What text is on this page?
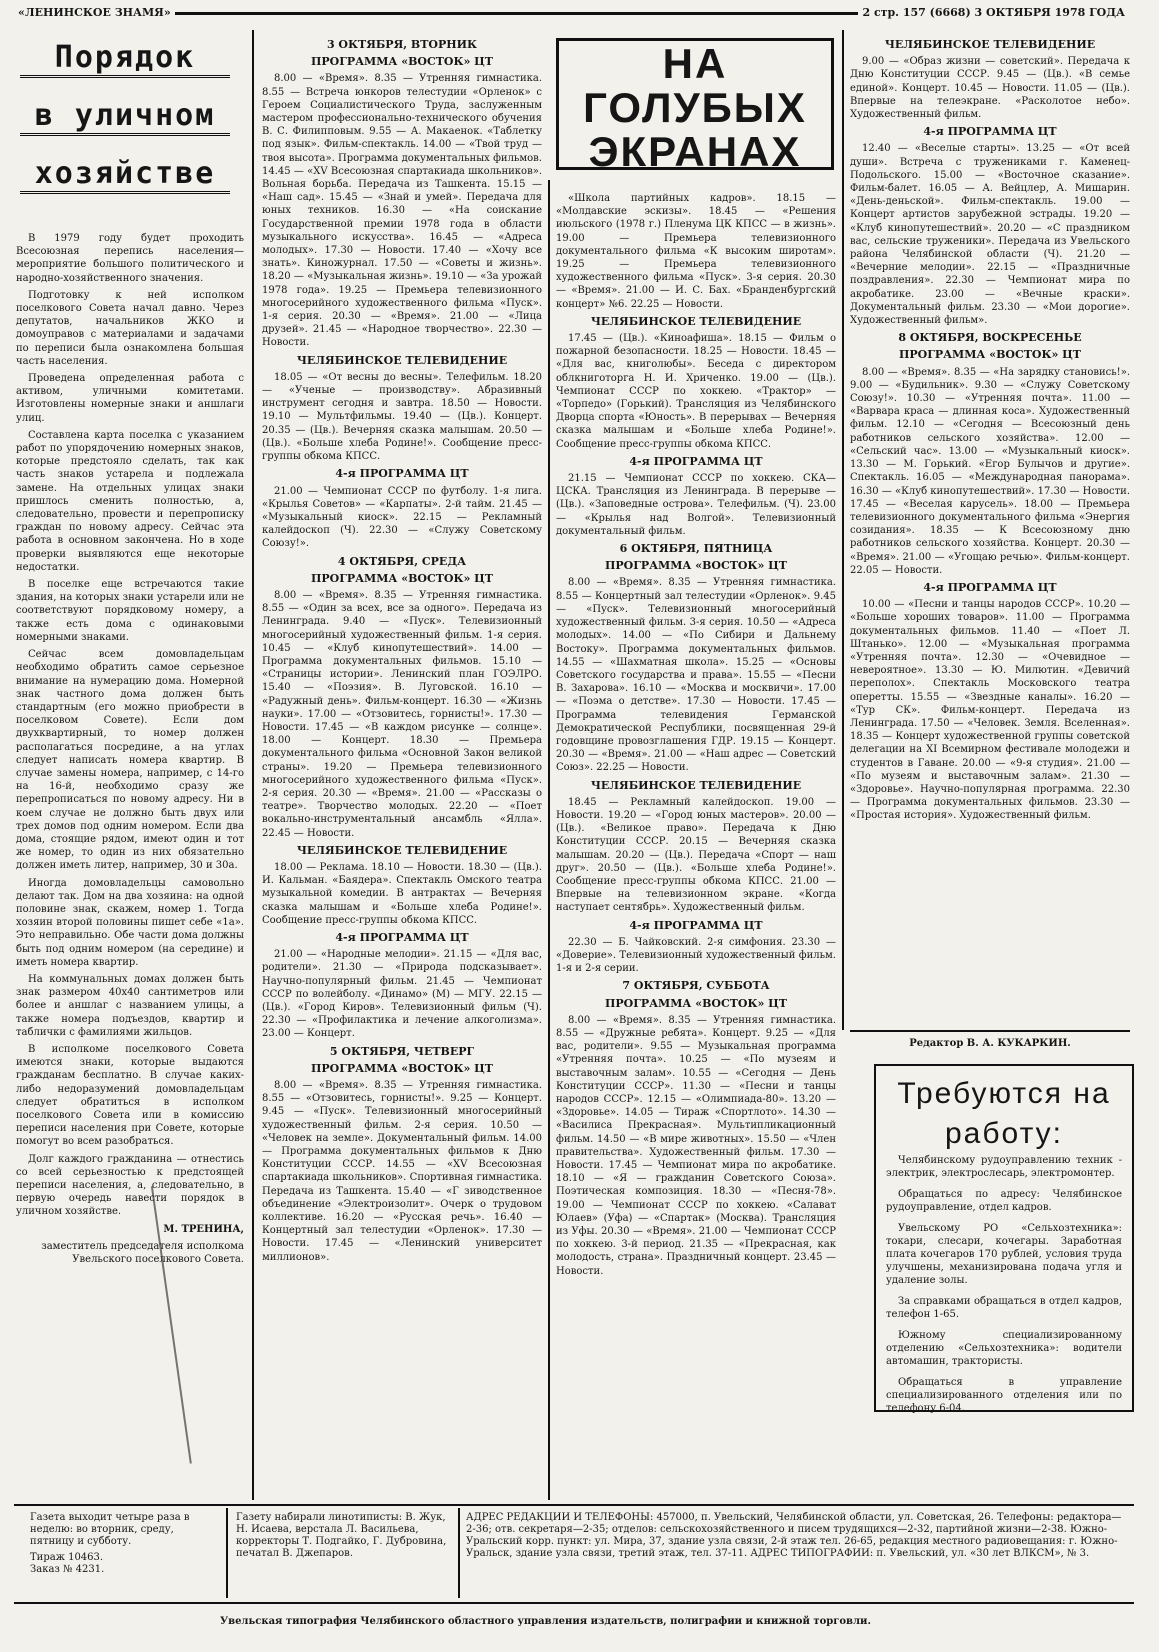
«ЛЕНИНСКОЕ ЗНАМЯ»	2 стр. 157 (6668) 3 ОКТЯБРЯ 1978 ГОДА
Порядок
в уличном
хозяйстве

В 1979 году будет проходить Всесоюзная перепись населения—мероприятие большого политического и народно-хозяйственного значения.

Подготовку к ней исполком поселкового Совета начал давно. Через депутатов, начальников ЖКО и домоуправов с материалами и задачами по переписи была ознакомлена большая часть населения.

Проведена определенная работа с активом, уличными комитетами. Изготовлены номерные знаки и аншлаги улиц.

Составлена карта поселка с указанием работ по упорядочению номерных знаков, которые предстояло сделать, так как часть знаков устарела и подлежала замене. На отдельных улицах знаки пришлось сменить полностью, а, следовательно, провести и перепропиcку граждан по новому адресу. Сейчас эта работа в основном закончена. Но в ходе проверки выявляются еще некоторые недостатки.

В поселке еще встречаются такие здания, на которых знаки устарели или не соответствуют порядковому номеру, а также есть дома с одинаковыми номерными знаками.

Сейчас всем домовладельцам необходимо обратить самое серьезное внимание на нумерацию дома. Номерной знак частного дома должен быть стандартным (его можно приобрести в поселковом Совете). Если дом двухквартирный, то номер должен располагаться посредине, а на углах следует написать номера квартир. В случае замены номера, например, с 14-го на 16-й, необходимо сразу же перепрописаться по новому адресу. Ни в коем случае не должно быть двух или трех домов под одним номером. Если два дома, стоящие рядом, имеют один и тот же номер, то один из них обязательно должен иметь литер, например, 30 и 30а.

Иногда домовладельцы самовольно делают так. Дом на два хозяина: на одной половине знак, скажем, номер 1. Тогда хозяин второй половины пишет себе «1а». Это неправильно. Обе части дома должны быть под одним номером (на середине) и иметь номера квартир.

На коммунальных домах должен быть знак размером 40x40 сантиметров или более и аншлаг с названием улицы, а также номера подъездов, квартир и таблички с фамилиями жильцов.

В исполкоме поселкового Совета имеются знаки, которые выдаются гражданам бесплатно. В случае каких-либо недоразумений домовладельцам следует обратиться в исполком поселкового Совета или в комиссию переписи населения при Совете, которые помогут во всем разобраться.

Долг каждого гражданина — отнестись со всей серьезностью к предстоящей переписи населения, а, следовательно, в первую очередь навести порядок в уличном хозяйстве.

М. ТРЕНИНА,

заместитель председателя исполкома Увельского поселкового Совета.

НА
ГОЛУБЫХ
ЭКРАНАХ

3 ОКТЯБРЯ, ВТОРНИК

ПРОГРАММА «ВОСТОК» ЦТ

8.00 — «Время». 8.35 — Утренняя гимнастика. 8.55 — Встреча юнкоров телестудии «Орленок» с Героем Социалистического Труда, заслуженным мастером профессионально-технического обучения В. С. Филипповым. 9.55 — А. Макаенок. «Таблетку под язык». Фильм-спектакль. 14.00 — «Твой труд — твоя высота». Программа документальных фильмов. 14.45 — «XV Всесоюзная спартакиада школьников». Вольная борьба. Передача из Ташкента. 15.15 — «Наш сад». 15.45 — «Знай и умей». Передача для юных техников. 16.30 — «На соискание Государственной премии 1978 года в области музыкального искусства». 16.45 — «Адреса молодых». 17.30 — Новости. 17.40 — «Хочу все знать». Киножурнал. 17.50 — «Советы и жизнь». 18.20 — «Музыкальная жизнь». 19.10 — «За урожай 1978 года». 19.25 — Премьера телевизионного многосерийного художественного фильма «Пуск». 1-я серия. 20.30 — «Время». 21.00 — «Лица друзей». 21.45 — «Народное творчество». 22.30 — Новости.

ЧЕЛЯБИНСКОЕ ТЕЛЕВИДЕНИЕ

18.05 — «От весны до весны». Телефильм. 18.20 — «Ученые — производству». Абразивный инструмент сегодня и завтра. 18.50 — Новости. 19.10 — Мультфильмы. 19.40 — (Цв.). Концерт. 20.35 — (Цв.). Вечерняя сказка малышам. 20.50 — (Цв.). «Больше хлеба Родине!». Сообщение пресс-группы обкома КПСС.

4-я ПРОГРАММА ЦТ

21.00 — Чемпионат СССР по футболу. 1-я лига. «Крылья Советов» — «Карпаты». 2-й тайм. 21.45 — «Музыкальный киоск». 22.15 — Рекламный калейдоскоп (Ч). 22.30 — «Служу Советскому Союзу!».

4 ОКТЯБРЯ, СРЕДА

ПРОГРАММА «ВОСТОК» ЦТ

8.00 — «Время». 8.35 — Утренняя гимнастика. 8.55 — «Один за всех, все за одного». Передача из Ленинграда. 9.40 — «Пуск». Телевизионный многосерийный художественный фильм. 1-я серия. 10.45 — «Клуб кинопутешествий». 14.00 — Программа документальных фильмов. 15.10 — «Страницы истории». Ленинский план ГОЭЛРО. 15.40 — «Поэзия». В. Луговской. 16.10 — «Радужный день». Фильм-концерт. 16.30 — «Жизнь науки». 17.00 — «Отзовитесь, горнисты!». 17.30 — Новости. 17.45 — «В каждом рисунке — солнце». 18.00 — Концерт. 18.30 — Премьера документального фильма «Основной Закон великой страны». 19.20 — Премьера телевизионного многосерийного художественного фильма «Пуск». 2-я серия. 20.30 — «Время». 21.00 — «Рассказы о театре». Творчество молодых. 22.20 — «Поет вокально-инструментальный ансамбль «Ялла». 22.45 — Новости.

ЧЕЛЯБИНСКОЕ ТЕЛЕВИДЕНИЕ

18.00 — Реклама. 18.10 — Новости. 18.30 — (Цв.). И. Кальман. «Баядера». Спектакль Омского театра музыкальной комедии. В антрактах — Вечерняя сказка малышам и «Больше хлеба Родине!». Сообщение пресс-группы обкома КПСС.

4-я ПРОГРАММА ЦТ

21.00 — «Народные мелодии». 21.15 — «Для вас, родители». 21.30 — «Природа подсказывает». Научно-популярный фильм. 21.45 — Чемпионат СССР по волейболу. «Динамо» (М) — МГУ. 22.15 — (Цв.). «Город Киров». Телевизионный фильм (Ч). 22.30 — «Профилактика и лечение алкоголизма». 23.00 — Концерт.

5 ОКТЯБРЯ, ЧЕТВЕРГ

ПРОГРАММА «ВОСТОК» ЦТ

8.00 — «Время». 8.35 — Утренняя гимнастика. 8.55 — «Отзовитесь, горнисты!». 9.25 — Концерт. 9.45 — «Пуск». Телевизионный многосерийный художественный фильм. 2-я серия. 10.50 — «Человек на земле». Документальный фильм. 14.00 — Программа документальных фильмов к Дню Конституции СССР. 14.55 — «XV Всесоюзная спартакиада школьников». Спортивная гимнастика. Передача из Ташкента. 15.40 — «Г зиводственное объединение «Электроизолит». Очерк о трудовом коллективе. 16.20 — «Русская речь». 16.40 — Концертный зал телестудии «Орленок». 17.30 — Новости. 17.45 — «Ленинский университет миллионов».

«Школа партийных кадров». 18.15 — «Молдавские эскизы». 18.45 — «Решения июльского (1978 г.) Пленума ЦК КПСС — в жизнь». 19.00 — Премьера телевизионного документального фильма «К высоким широтам». 19.25 — Премьера телевизионного художественного фильма «Пуск». 3-я серия. 20.30 — «Время». 21.00 — И. С. Бах. «Бранденбургский концерт» №6. 22.25 — Новости.

ЧЕЛЯБИНСКОЕ ТЕЛЕВИДЕНИЕ

17.45 — (Цв.). «Кинoaфиша». 18.15 — Фильм о пожарной безопасности. 18.25 — Новости. 18.45 — «Для вас, книголюбы». Беседа с директором облкниготорга Н. И. Хриченко. 19.00 — (Цв.). Чемпионат СССР по хоккею. «Трактор» — «Торпедо» (Горький). Трансляция из Челябинского Дворца спорта «Юность». В перерывах — Вечерняя сказка малышам и «Больше хлеба Родине!». Сообщение пресс-группы обкома КПСС.

4-я ПРОГРАММА ЦТ

21.15 — Чемпионат СССР по хоккею. СКА—ЦСКА. Трансляция из Ленинграда. В перерыве — (Цв.). «Заповедные острова». Телефильм. (Ч). 23.00 — «Крылья над Волгой». Телевизионный документальный фильм.

6 ОКТЯБРЯ, ПЯТНИЦА

ПРОГРАММА «ВОСТОК» ЦТ

8.00 — «Время». 8.35 — Утренняя гимнастика. 8.55 — Концертный зал телестудии «Орленок». 9.45 — «Пуск». Телевизионный многосерийный художественный фильм. 3-я серия. 10.50 — «Адреса молодых». 14.00 — «По Сибири и Дальнему Востоку». Программа документальных фильмов. 14.55 — «Шахматная школа». 15.25 — «Основы Советского государства и права». 15.55 — «Песни В. Захарова». 16.10 — «Москва и москвичи». 17.00 — «Поэма о детстве». 17.30 — Новости. 17.45 — Программа телевидения Германской Демократической Республики, посвященная 29-й годовщине провозглашения ГДР. 19.15 — Концерт. 20.30 — «Время». 21.00 — «Наш адрес — Советский Союз». 22.25 — Новости.

ЧЕЛЯБИНСКОЕ ТЕЛЕВИДЕНИЕ

18.45 — Рекламный калейдоскоп. 19.00 — Новости. 19.20 — «Город юных мастеров». 20.00 — (Цв.). «Великое право». Передача к Дню Конституции СССР. 20.15 — Вечерняя сказка малышам. 20.20 — (Цв.). Передача «Спорт — наш друг». 20.50 — (Цв.). «Больше хлеба Родине!». Сообщение пресс-группы обкома КПСС. 21.00 — Впервые на телевизионном экране. «Когда наступает сентябрь». Художественный фильм.

4-я ПРОГРАММА ЦТ

22.30 — Б. Чайковский. 2-я симфония. 23.30 — «Доверие». Телевизионный художественный фильм. 1-я и 2-я серии.

7 ОКТЯБРЯ, СУББОТА

ПРОГРАММА «ВОСТОК» ЦТ

8.00 — «Время». 8.35 — Утренняя гимнастика. 8.55 — «Дружные ребята». Концерт. 9.25 — «Для вас, родители». 9.55 — Музыкальная программа «Утренняя почта». 10.25 — «По музеям и выставочным залам». 10.55 — «Сегодня — День Конституции СССР». 11.30 — «Песни и танцы народов СССР». 12.15 — «Олимпиада-80». 13.20 — «Здоровье». 14.05 — Тираж «Спортлото». 14.30 — «Василиса Прекрасная». Мультипликационный фильм. 14.50 — «В мире животных». 15.50 — «Член правительства». Художественный фильм. 17.30 — Новости. 17.45 — Чемпионат мира по акробатике. 18.10 — «Я — гражданин Советского Союза». Поэтическая композиция. 18.30 — «Песня-78». 19.00 — Чемпионат СССР по хоккею. «Салават Юлаев» (Уфа) — «Спартак» (Москва). Трансляция из Уфы. 20.30 — «Время». 21.00 — Чемпионат СССР по хоккею. 3-й период. 21.35 — «Прекрасная, как молодость, страна». Праздничный концерт. 23.45 — Новости.

ЧЕЛЯБИНСКОЕ ТЕЛЕВИДЕНИЕ

9.00 — «Образ жизни — советский». Передача к Дню Конституции СССР. 9.45 — (Цв.). «В семье единой». Концерт. 10.45 — Новости. 11.05 — (Цв.). Впервые на телеэкране. «Расколотое небо». Художественный фильм.

4-я ПРОГРАММА ЦТ

12.40 — «Веселые старты». 13.25 — «От всей души». Встреча с тружениками г. Каменец-Подольского. 15.00 — «Восточное сказание». Фильм-балет. 16.05 — А. Вейцлер, А. Мишарин. «День-деньской». Фильм-спектакль. 19.00 — Концерт артистов зарубежной эстрады. 19.20 — «Клуб кинопутешествий». 20.20 — «С праздником вас, сельские труженики». Передача из Увельского района Челябинской области (Ч). 21.20 — «Вечерние мелодии». 22.15 — «Праздничные поздравления». 22.30 — Чемпионат мира по акробатике. 23.00 — «Вечные краски». Документальный фильм. 23.30 — «Мои дорогие». Художественный фильм».

8 ОКТЯБРЯ, ВОСКРЕСЕНЬЕ

ПРОГРАММА «ВОСТОК» ЦТ

8.00 — «Время». 8.35 — «На зарядку становись!». 9.00 — «Будильник». 9.30 — «Служу Советскому Союзу!». 10.30 — «Утренняя почта». 11.00 — «Варвара краса — длинная коса». Художественный фильм. 12.10 — «Сегодня — Всесоюзный день работников сельского хозяйства». 12.00 — «Сельский час». 13.00 — «Музыкальный киоск». 13.30 — М. Горький. «Егор Булычов и другие». Спектакль. 16.05 — «Международная панорама». 16.30 — «Клуб кинопутешествий». 17.30 — Новости. 17.45 — «Веселая карусель». 18.00 — Премьера телевизионного документального фильма «Энергия созидания». 18.35 — К Всесоюзному дню работников сельского хозяйства. Концерт. 20.30 — «Время». 21.00 — «Угощаю речью». Фильм-концерт. 22.05 — Новости.

4-я ПРОГРАММА ЦТ

10.00 — «Песни и танцы народов СССР». 10.20 — «Больше хороших товаров». 11.00 — Программа документальных фильмов. 11.40 — «Поет Л. Штанько». 12.00 — «Музыкальная программа «Утренняя почта». 12.30 — «Очевидное — невероятное». 13.30 — Ю. Милютин. «Девичий переполох». Спектакль Московского театра оперетты. 15.55 — «Звездные каналы». 16.20 — «Тур СК». Фильм-концерт. Передача из Ленинграда. 17.50 — «Человек. Земля. Вселенная». 18.35 — Концерт художественной группы советской делегации на XI Всемирном фестивале молодежи и студентов в Гаване. 20.00 — «9-я студия». 21.00 — «По музеям и выставочным залам». 21.30 — «Здоровье». Научно-популярная программа. 22.30 — Программа документальных фильмов. 23.30 — «Простая история». Художественный фильм.

Редактор В. А. КУКАРКИН.
Требуются на работу:

Челябинскому рудоуправлению техник - электрик, электрослесарь, электромонтер.

Обращаться по адресу: Челябинское рудоуправление, отдел кадров.

Увельскому РО «Сельхозтехника»: токари, слесари, кочегары. Заработная плата кочегаров 170 рублей, условия труда улучшены, механизирована подача угля и удаление золы.

За справками обращаться в отдел кадров, телефон 1-65.

Южному специализированному отделению «Сельхозтехника»: водители автомашин, трактористы.

Обращаться в управление специализированного отделения или по телефону 6-04.

Газета выходит четыре раза в неделю: во вторник, среду, пятницу и субботу.
Тираж 10463.
Заказ № 4231.
Газету набирали линотиписты: В. Жук, Н. Исаева, верстала Л. Васильева, корректоры Т. Подгайко, Г. Дубровина, печатал В. Джепаров.
АДРЕС РЕДАКЦИИ И ТЕЛЕФОНЫ: 457000, п. Увельский, Челябинской области, ул. Советская, 26. Телефоны: редактора—2-36; отв. секретаря—2-35; отделов: сельскохозяйственного и писем трудящихся—2-32, партийной жизни—2-38. Южно-Уральский корр. пункт: ул. Мира, 37, здание узла связи, 2-й этаж тел. 26-65, редакция местного радиовещания: г. Южно-Уральск, здание узла связи, третий этаж, тел. 37-11. АДРЕС ТИПОГРАФИИ: п. Увельский, ул. «30 лет ВЛКСМ», № 3.
Увельская типография Челябинского областного управления издательств, полиграфии и книжной торговли.
